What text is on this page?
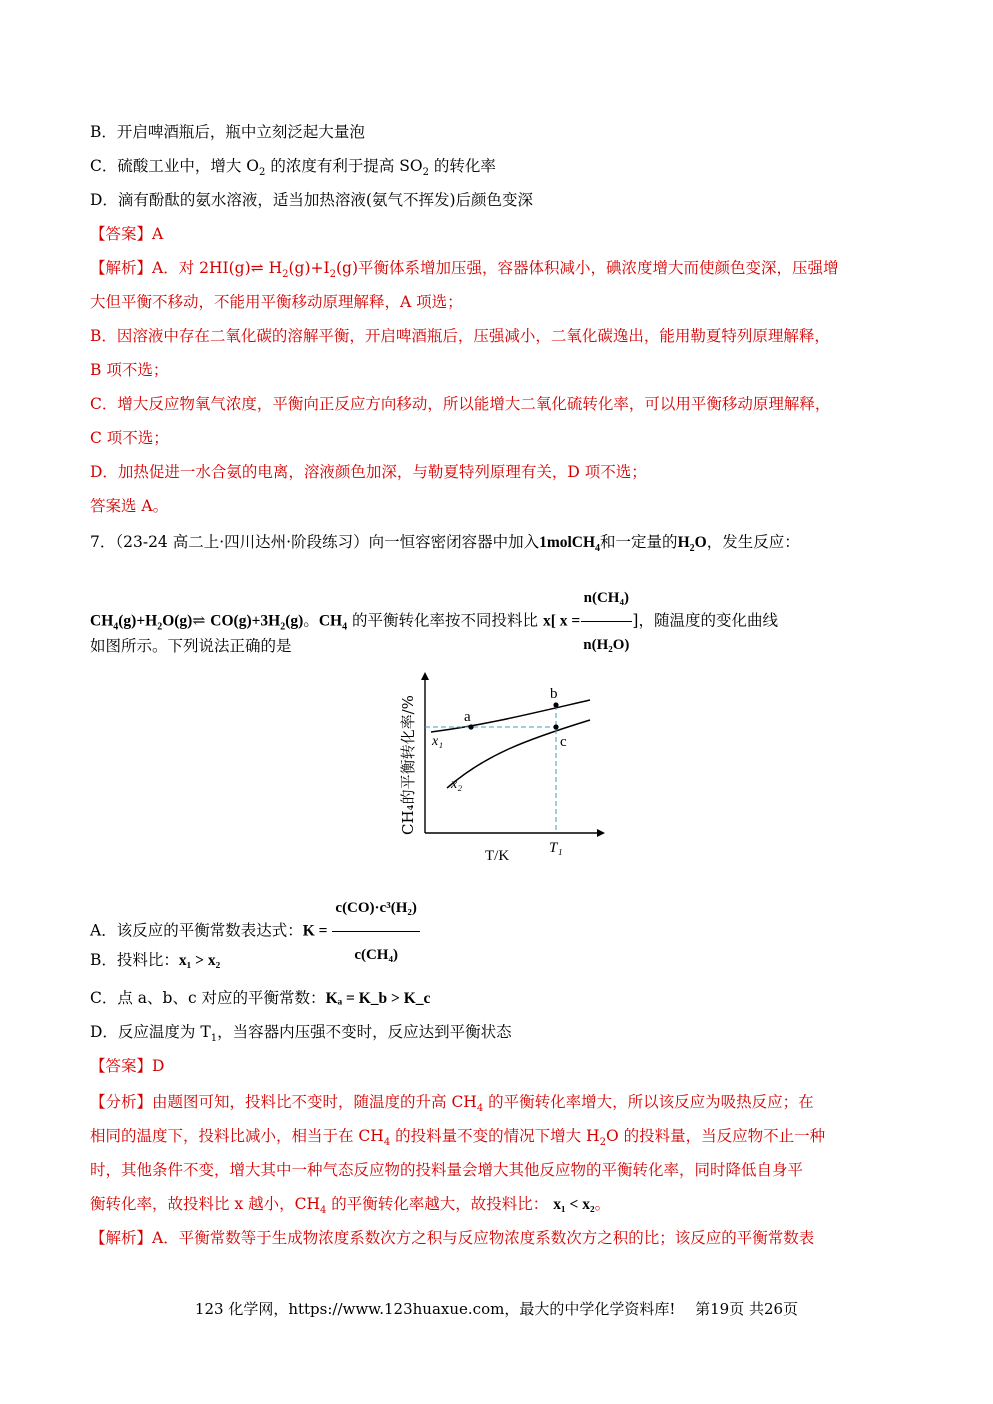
B．开启啤酒瓶后，瓶中立刻泛起大量泡
C．硫酸工业中，增大 $O_2$ 的浓度有利于提高 $SO_2$ 的转化率
D．滴有酚酞的氨水溶液，适当加热溶液(氨气不挥发)后颜色变深
【答案】A
【解析】A．对 2HI(g)⇌ $H_2(g)+I_2(g)$平衡体系增加压强，容器体积减小，碘浓度增大而使颜色变深，压强增
大但平衡不移动，不能用平衡移动原理解释，A 项选；
B．因溶液中存在二氧化碳的溶解平衡，开启啤酒瓶后，压强减小，二氧化碳逸出，能用勒夏特列原理解释，
B 项不选；
C．增大反应物氧气浓度，平衡向正反应方向移动，所以能增大二氧化硫转化率，可以用平衡移动原理解释，
C 项不选；
D．加热促进一水合氨的电离，溶液颜色加深，与勒夏特列原理有关，D 项不选；
答案选 A。
7．（23-24 高二上·四川达州·阶段练习）向一恒容密闭容器中加入1molCH$_4$和一定量的$H_2O$，发生反应：
$CH_4(g)+H_2O(g)\rightleftharpoons$ $CO(g)+3H_2(g)$。$CH_4$ 的平衡转化率按不同投料比 x[ $x = \frac{\text{n(CH₄)}}{\text{n(H₂O)}}$ ]，随温度的变化曲线
如图所示。下列说法正确的是
a
b
c
x₁
x₂
T/K	T₁
CH₄的平衡转化率/%
A．该反应的平衡常数表达式：$K = \frac{\text{c(CO)·c³(H₂)}}{\text{c(CH₄)}}$
B．投料比：x₁ > x₂
C．点 a、b、c 对应的平衡常数：Kₐ = K_b > K_c
D．反应温度为 $T_1$，当容器内压强不变时，反应达到平衡状态
【答案】D
【分析】由题图可知，投料比不变时，随温度的升高 $CH_4$ 的平衡转化率增大，所以该反应为吸热反应；在
相同的温度下，投料比减小，相当于在 $CH_4$ 的投料量不变的情况下增大 $H_2O$ 的投料量，当反应物不止一种
时，其他条件不变，增大其中一种气态反应物的投料量会增大其他反应物的平衡转化率，同时降低自身平
衡转化率，故投料比 x 越小，$CH_4$ 的平衡转化率越大，故投料比： x₁ < x₂。
【解析】A．平衡常数等于生成物浓度系数次方之积与反应物浓度系数次方之积的比；该反应的平衡常数表
123 化学网，https://www.123huaxue.com，最大的中学化学资料库!　 第19页 共26页
